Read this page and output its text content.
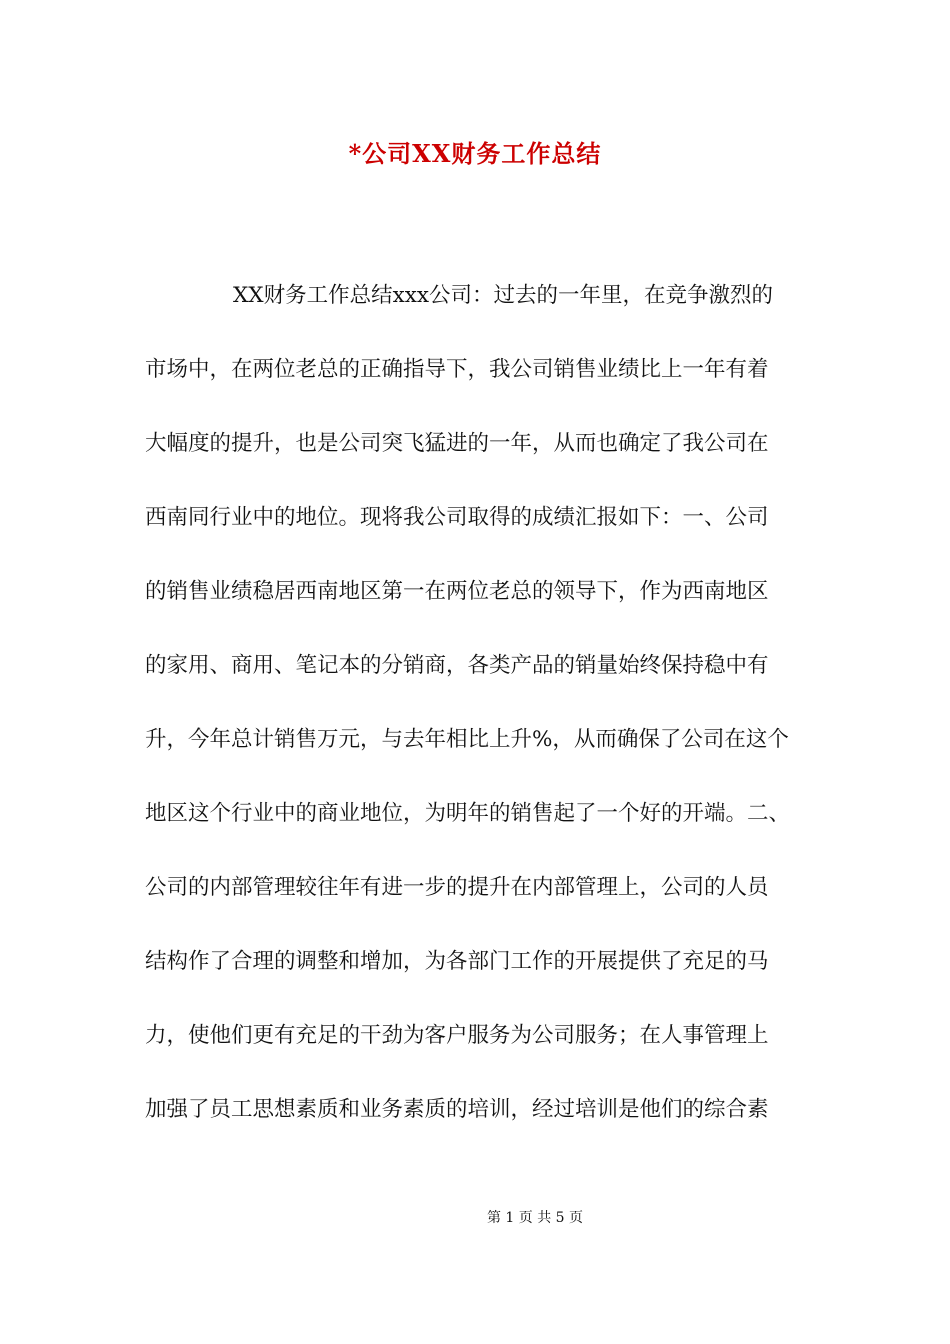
*公司XX财务工作总结
XX财务工作总结xxx公司：过去的一年里，在竞争激烈的
市场中，在两位老总的正确指导下，我公司销售业绩比上一年有着
大幅度的提升，也是公司突飞猛进的一年，从而也确定了我公司在
西南同行业中的地位。现将我公司取得的成绩汇报如下：一、公司
的销售业绩稳居西南地区第一在两位老总的领导下，作为西南地区
的家用、商用、笔记本的分销商，各类产品的销量始终保持稳中有
升，今年总计销售万元，与去年相比上升%，从而确保了公司在这个
地区这个行业中的商业地位，为明年的销售起了一个好的开端。二、
公司的内部管理较往年有进一步的提升在内部管理上，公司的人员
结构作了合理的调整和增加，为各部门工作的开展提供了充足的马
力，使他们更有充足的干劲为客户服务为公司服务；在人事管理上
加强了员工思想素质和业务素质的培训，经过培训是他们的综合素
第 1 页 共 5 页
